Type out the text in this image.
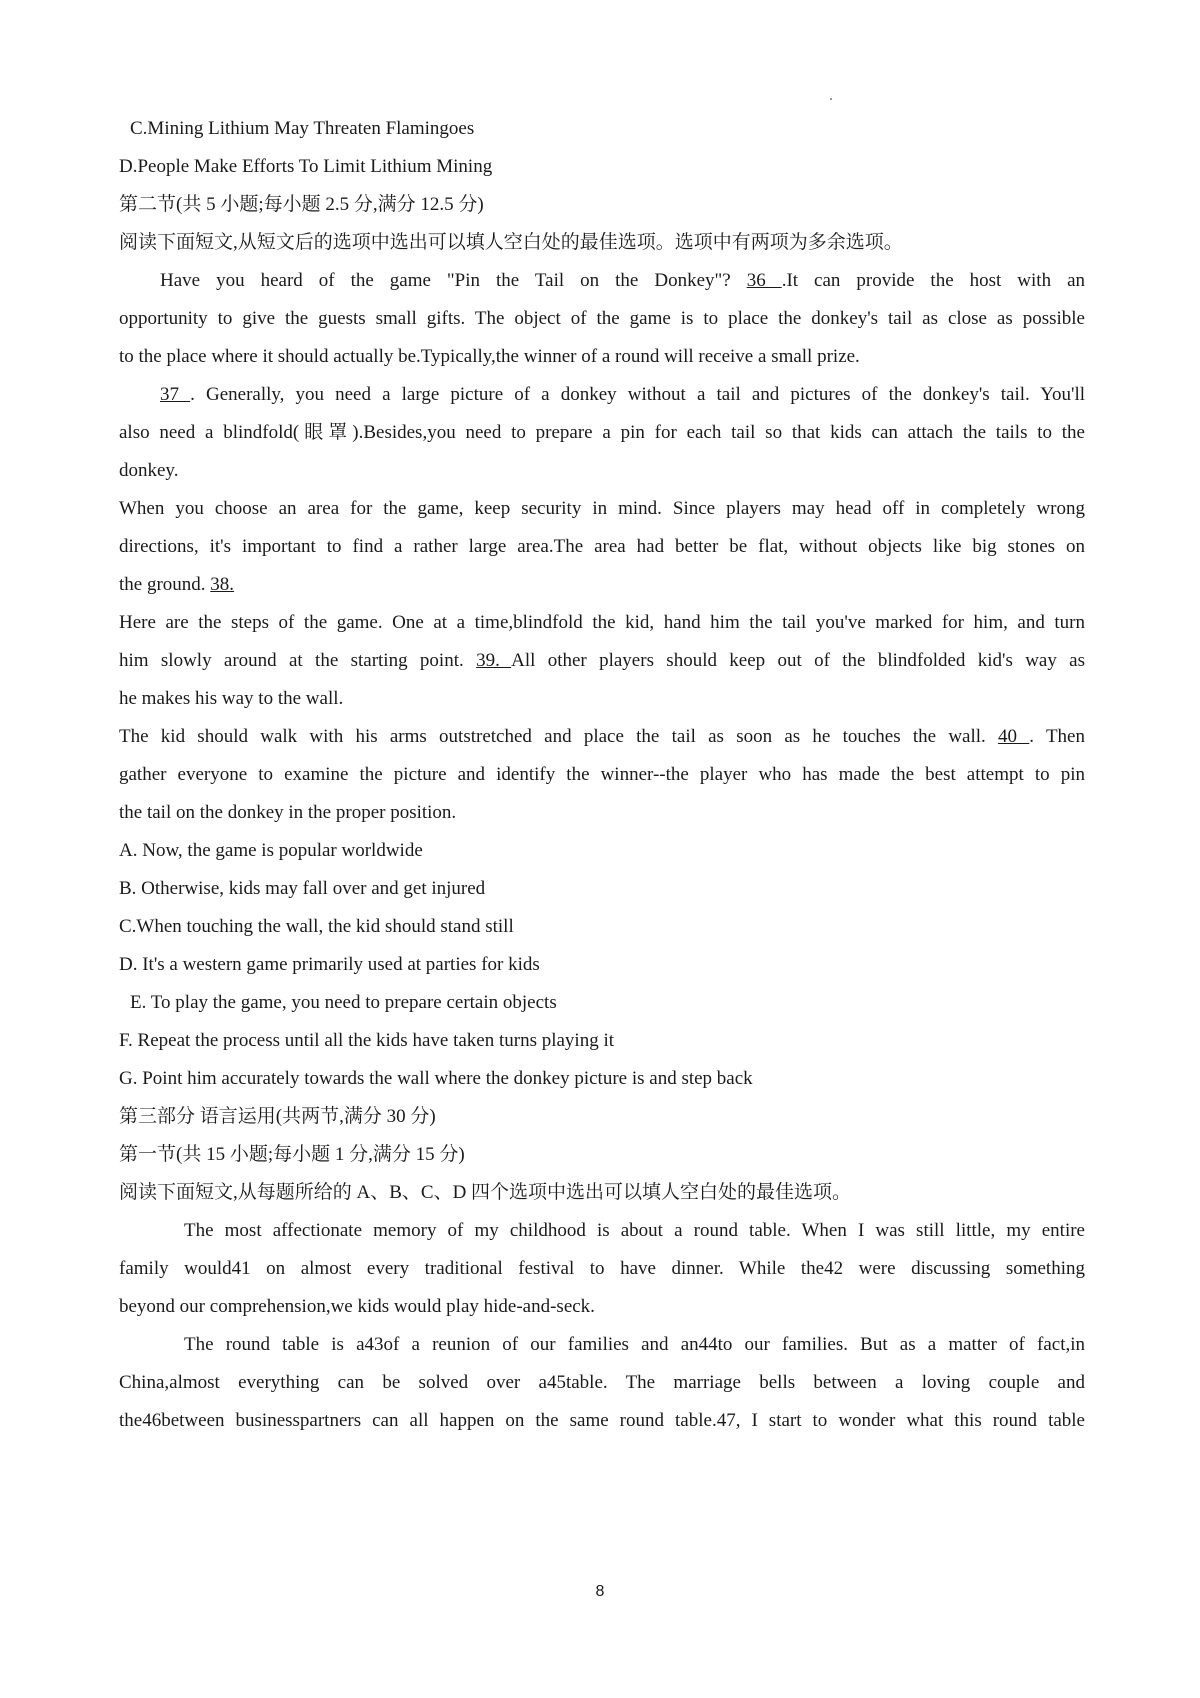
C.Mining Lithium May Threaten Flamingoes
D.People Make Efforts To Limit Lithium Mining
第二节(共 5 小题;每小题 2.5 分,满分 12.5 分)
阅读下面短文,从短文后的选项中选出可以填人空白处的最佳选项。选项中有两项为多余选项。
Have you heard of the game "Pin the Tail on the Donkey"? 36 .It can provide the host with an
opportunity to give the guests small gifts. The object of the game is to place the donkey's tail as close as possible
to the place where it should actually be.Typically,the winner of a round will receive a small prize.
37 . Generally, you need a large picture of a donkey without a tail and pictures of the donkey's tail. You'll
also need a blindfold(眼罩).Besides,you need to prepare a pin for each tail so that kids can attach the tails to the
donkey.
When you choose an area for the game, keep security in mind. Since players may head off in completely wrong
directions, it's important to find a rather large area.The area had better be flat, without objects like big stones on
the ground. 38.
Here are the steps of the game. One at a time,blindfold the kid, hand him the tail you've marked for him, and turn
him slowly around at the starting point. 39. All other players should keep out of the blindfolded kid's way as
he makes his way to the wall.
The kid should walk with his arms outstretched and place the tail as soon as he touches the wall. 40 . Then
gather everyone to examine the picture and identify the winner--the player who has made the best attempt to pin
the tail on the donkey in the proper position.
A. Now, the game is popular worldwide
B. Otherwise, kids may fall over and get injured
C.When touching the wall, the kid should stand still
D. It's a western game primarily used at parties for kids
E. To play the game, you need to prepare certain objects
F. Repeat the process until all the kids have taken turns playing it
G. Point him accurately towards the wall where the donkey picture is and step back
第三部分 语言运用(共两节,满分 30 分)
第一节(共 15 小题;每小题 1 分,满分 15 分)
阅读下面短文,从每题所给的 A、B、C、D 四个选项中选出可以填人空白处的最佳选项。
The most affectionate memory of my childhood is about a round table. When I was still little, my entire
family would41 on almost every traditional festival to have dinner. While the42 were discussing something
beyond our comprehension,we kids would play hide-and-seck.
The round table is a43of a reunion of our families and an44to our families. But as a matter of fact,in
China,almost everything can be solved over a45table. The marriage bells between a loving couple and
the46between businesspartners can all happen on the same round table.47, I start to wonder what this round table
8
